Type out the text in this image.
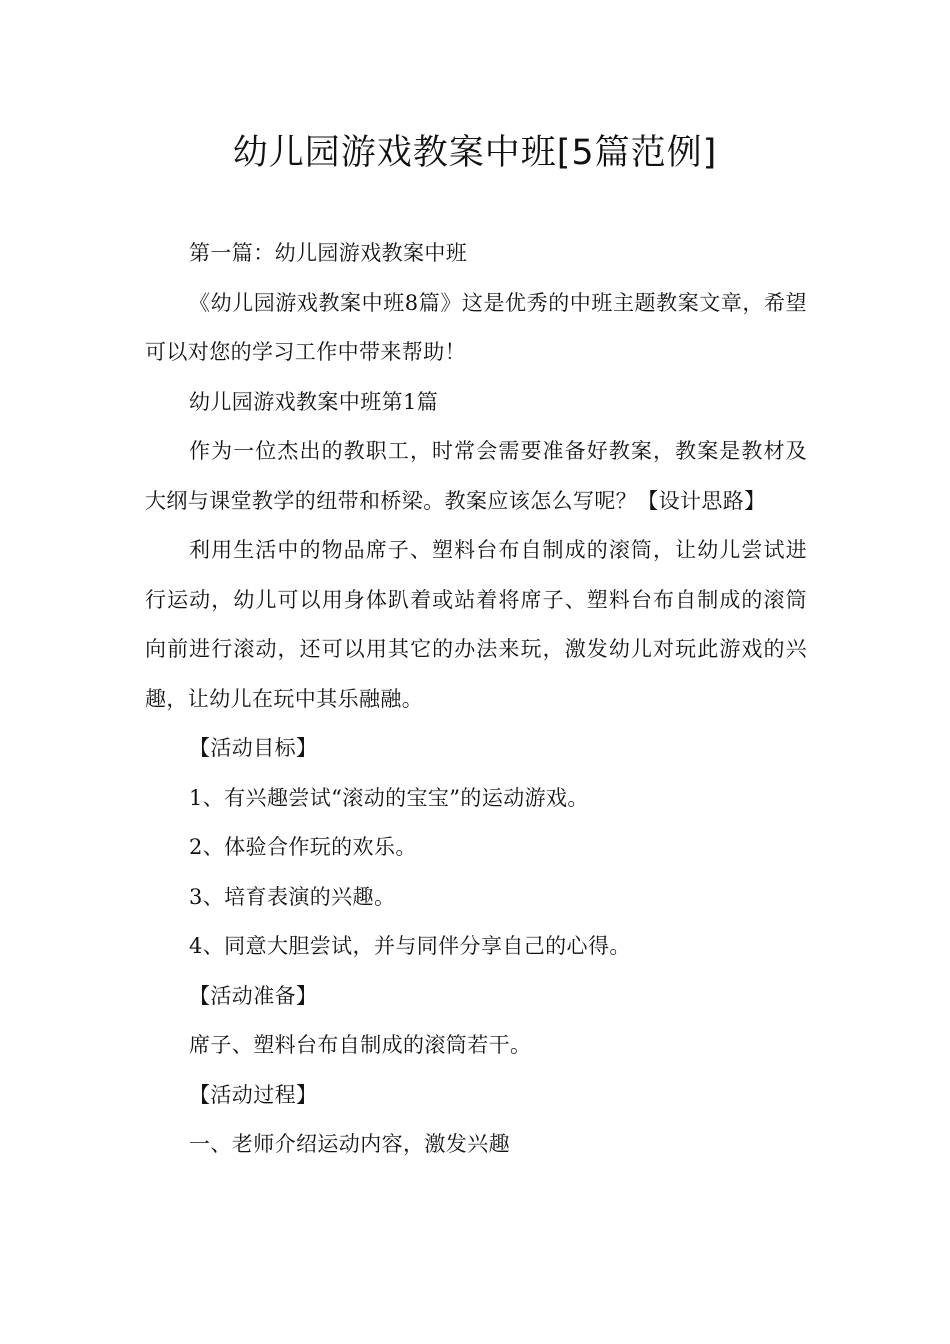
幼儿园游戏教案中班[5篇范例]

第一篇：幼儿园游戏教案中班

《幼儿园游戏教案中班8篇》这是优秀的中班主题教案文章，希望可以对您的学习工作中带来帮助！

幼儿园游戏教案中班第1篇

作为一位杰出的教职工，时常会需要准备好教案，教案是教材及大纲与课堂教学的纽带和桥梁。教案应该怎么写呢？【设计思路】

利用生活中的物品席子、塑料台布自制成的滚筒，让幼儿尝试进行运动，幼儿可以用身体趴着或站着将席子、塑料台布自制成的滚筒向前进行滚动，还可以用其它的办法来玩，激发幼儿对玩此游戏的兴趣，让幼儿在玩中其乐融融。

【活动目标】

1、有兴趣尝试“滚动的宝宝”的运动游戏。

2、体验合作玩的欢乐。

3、培育表演的兴趣。

4、同意大胆尝试，并与同伴分享自己的心得。

【活动准备】

席子、塑料台布自制成的滚筒若干。

【活动过程】

一、老师介绍运动内容，激发兴趣
